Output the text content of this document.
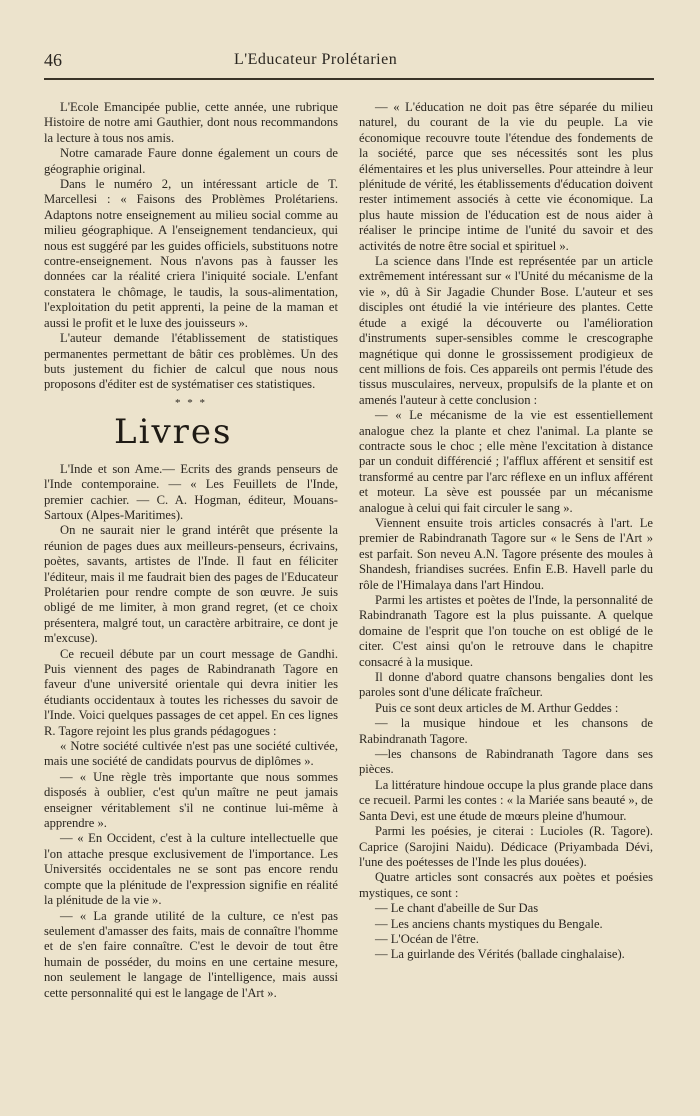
46	L'Educateur Prolétarien

L'Ecole Emancipée publie, cette année, une rubrique Histoire de notre ami Gauthier, dont nous recommandons la lecture à tous nos amis.

Notre camarade Faure donne également un cours de géographie original.

Dans le numéro 2, un intéressant article de T. Marcellesi : « Faisons des Problèmes Prolétariens. Adaptons notre enseignement au milieu social comme au milieu géographique. A l'enseignement tendancieux, qui nous est suggéré par les guides officiels, substituons notre contre-enseignement. Nous n'avons pas à fausser les données car la réalité criera l'iniquité sociale. L'enfant constatera le chômage, le taudis, la sous-alimentation, l'exploitation du petit apprenti, la peine de la maman et aussi le profit et le luxe des jouisseurs ».

L'auteur demande l'établissement de statistiques permanentes permettant de bâtir ces problèmes. Un des buts justement du fichier de calcul que nous nous proposons d'éditer est de systématiser ces statistiques.

* * *
Livres

L'Inde et son Ame.— Ecrits des grands penseurs de l'Inde contemporaine. — « Les Feuillets de l'Inde, premier cachier. — C. A. Hogman, éditeur, Mouans-Sartoux (Alpes-Maritimes).

On ne saurait nier le grand intérêt que présente la réunion de pages dues aux meilleurs-penseurs, écrivains, poètes, savants, artistes de l'Inde. Il faut en féliciter l'éditeur, mais il me faudrait bien des pages de l'Educateur Prolétarien pour rendre compte de son œuvre. Je suis obligé de me limiter, à mon grand regret, (et ce choix présentera, malgré tout, un caractère arbitraire, ce dont je m'excuse).

Ce recueil débute par un court message de Gandhi. Puis viennent des pages de Rabindranath Tagore en faveur d'une université orientale qui devra initier les étudiants occidentaux à toutes les richesses du savoir de l'Inde. Voici quelques passages de cet appel. En ces lignes R. Tagore rejoint les plus grands pédagogues :

« Notre société cultivée n'est pas une société cultivée, mais une société de candidats pourvus de diplômes ».

— « Une règle très importante que nous sommes disposés à oublier, c'est qu'un maître ne peut jamais enseigner véritablement s'il ne continue lui-même à apprendre ».

— « En Occident, c'est à la culture intellectuelle que l'on attache presque exclusivement de l'importance. Les Universités occidentales ne se sont pas encore rendu compte que la plénitude de l'expression signifie en réalité la plénitude de la vie ».

— « La grande utilité de la culture, ce n'est pas seulement d'amasser des faits, mais de connaître l'homme et de s'en faire connaître. C'est le devoir de tout être humain de posséder, du moins en une certaine mesure, non seulement le langage de l'intelligence, mais aussi cette personnalité qui est le langage de l'Art ».

— « L'éducation ne doit pas être séparée du milieu naturel, du courant de la vie du peuple. La vie économique recouvre toute l'étendue des fondements de la société, parce que ses nécessités sont les plus élémentaires et les plus universelles. Pour atteindre à leur plénitude de vérité, les établissements d'éducation doivent rester intimement associés à cette vie économique. La plus haute mission de l'éducation est de nous aider à réaliser le principe intime de l'unité du savoir et des activités de notre être social et spirituel ».

La science dans l'Inde est représentée par un article extrêmement intéressant sur « l'Unité du mécanisme de la vie », dû à Sir Jagadie Chunder Bose. L'auteur et ses disciples ont étudié la vie intérieure des plantes. Cette étude a exigé la découverte ou l'amélioration d'instruments super-sensibles comme le crescographe magnétique qui donne le grossissement prodigieux de cent millions de fois. Ces appareils ont permis l'étude des tissus musculaires, nerveux, propulsifs de la plante et on amenés l'auteur à cette conclusion :

— « Le mécanisme de la vie est essentiellement analogue chez la plante et chez l'animal. La plante se contracte sous le choc ; elle mène l'excitation à distance par un conduit différencié ; l'afflux afférent et sensitif est transformé au centre par l'arc réflexe en un influx afférent et moteur. La sève est poussée par un mécanisme analogue à celui qui fait circuler le sang ».

Viennent ensuite trois articles consacrés à l'art. Le premier de Rabindranath Tagore sur « le Sens de l'Art » est parfait. Son neveu A.N. Tagore présente des moules à Shandesh, friandises sucrées. Enfin E.B. Havell parle du rôle de l'Himalaya dans l'art Hindou.

Parmi les artistes et poètes de l'Inde, la personnalité de Rabindranath Tagore est la plus puissante. A quelque domaine de l'esprit que l'on touche on est obligé de le citer. C'est ainsi qu'on le retrouve dans le chapitre consacré à la musique.

Il donne d'abord quatre chansons bengalies dont les paroles sont d'une délicate fraîcheur.

Puis ce sont deux articles de M. Arthur Geddes :

— la musique hindoue et les chansons de Rabindranath Tagore.

—les chansons de Rabindranath Tagore dans ses pièces.

La littérature hindoue occupe la plus grande place dans ce recueil. Parmi les contes : « la Mariée sans beauté », de Santa Devi, est une étude de mœurs pleine d'humour.

Parmi les poésies, je citerai : Lucioles (R. Tagore). Caprice (Sarojini Naidu). Dédicace (Priyambada Dévi, l'une des poétesses de l'Inde les plus douées).

Quatre articles sont consacrés aux poètes et poésies mystiques, ce sont :

— Le chant d'abeille de Sur Das

— Les anciens chants mystiques du Bengale.

— L'Océan de l'être.

— La guirlande des Vérités (ballade cinghalaise).
